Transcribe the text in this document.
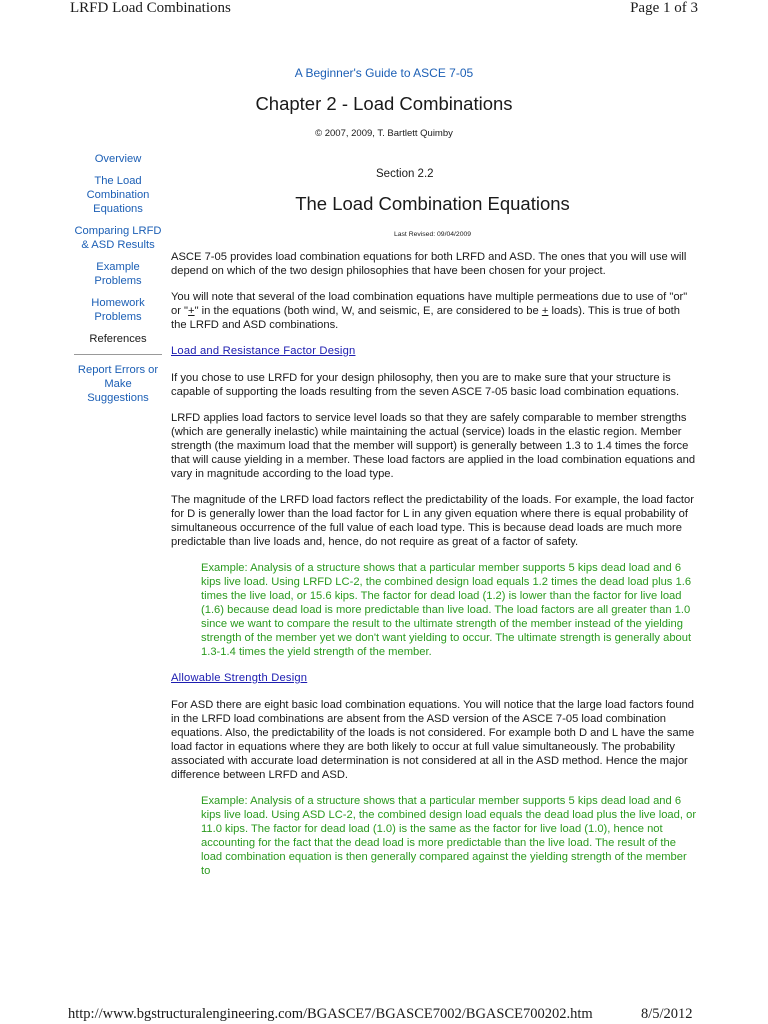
LRFD Load Combinations	Page 1 of 3
A Beginner's Guide to ASCE 7-05
Chapter 2 - Load Combinations
© 2007, 2009, T. Bartlett Quimby
Overview
The Load Combination Equations
Comparing LRFD & ASD Results
Example Problems
Homework Problems
References
Report Errors or Make Suggestions
Section 2.2
The Load Combination Equations
Last Revised: 09/04/2009

ASCE 7-05 provides load combination equations for both LRFD and ASD. The ones that you will use will depend on which of the two design philosophies that have been chosen for your project.

You will note that several of the load combination equations have multiple permeations due to use of "or" or "+" in the equations (both wind, W, and seismic, E, are considered to be + loads). This is true of both the LRFD and ASD combinations.

Load and Resistance Factor Design

If you chose to use LRFD for your design philosophy, then you are to make sure that your structure is capable of supporting the loads resulting from the seven ASCE 7-05 basic load combination equations.

LRFD applies load factors to service level loads so that they are safely comparable to member strengths (which are generally inelastic) while maintaining the actual (service) loads in the elastic region. Member strength (the maximum load that the member will support) is generally between 1.3 to 1.4 times the force that will cause yielding in a member. These load factors are applied in the load combination equations and vary in magnitude according to the load type.

The magnitude of the LRFD load factors reflect the predictability of the loads. For example, the load factor for D is generally lower than the load factor for L in any given equation where there is equal probability of simultaneous occurrence of the full value of each load type. This is because dead loads are much more predictable than live loads and, hence, do not require as great of a factor of safety.

Example: Analysis of a structure shows that a particular member supports 5 kips dead load and 6 kips live load. Using LRFD LC-2, the combined design load equals 1.2 times the dead load plus 1.6 times the live load, or 15.6 kips. The factor for dead load (1.2) is lower than the factor for live load (1.6) because dead load is more predictable than live load. The load factors are all greater than 1.0 since we want to compare the result to the ultimate strength of the member instead of the yielding strength of the member yet we don't want yielding to occur. The ultimate strength is generally about 1.3-1.4 times the yield strength of the member.

Allowable Strength Design

For ASD there are eight basic load combination equations. You will notice that the large load factors found in the LRFD load combinations are absent from the ASD version of the ASCE 7-05 load combination equations. Also, the predictability of the loads is not considered. For example both D and L have the same load factor in equations where they are both likely to occur at full value simultaneously. The probability associated with accurate load determination is not considered at all in the ASD method. Hence the major difference between LRFD and ASD.

Example: Analysis of a structure shows that a particular member supports 5 kips dead load and 6 kips live load. Using ASD LC-2, the combined design load equals the dead load plus the live load, or 11.0 kips. The factor for dead load (1.0) is the same as the factor for live load (1.0), hence not accounting for the fact that the dead load is more predictable than the live load. The result of the load combination equation is then generally compared against the yielding strength of the member to

http://www.bgstructuralengineering.com/BGASCE7/BGASCE7002/BGASCE700202.htm	8/5/2012
